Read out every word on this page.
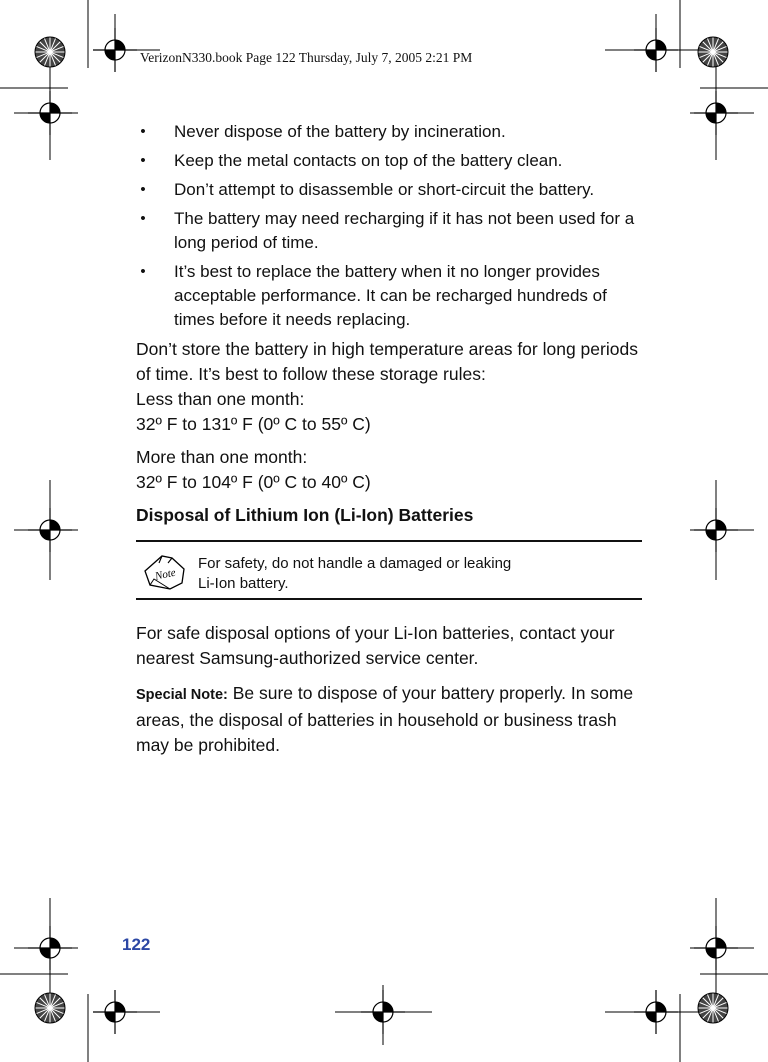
VerizonN330.book Page 122 Thursday, July 7, 2005 2:21 PM
• Never dispose of the battery by incineration.
• Keep the metal contacts on top of the battery clean.
• Don’t attempt to disassemble or short-circuit the battery.
• The battery may need recharging if it has not been used for a long period of time.
• It’s best to replace the battery when it no longer provides acceptable performance. It can be recharged hundreds of times before it needs replacing.

Don’t store the battery in high temperature areas for long periods of time. It’s best to follow these storage rules:

Less than one month:

32º F to 131º F (0º C to 55º C)

More than one month:

32º F to 104º F (0º C to 40º C)

Disposal of Lithium Ion (Li-Ion) Batteries
Note
For safety, do not handle a damaged or leaking
Li-Ion battery.

For safe disposal options of your Li-Ion batteries, contact your nearest Samsung-authorized service center.

Special Note: Be sure to dispose of your battery properly. In some areas, the disposal of batteries in household or business trash may be prohibited.

122
